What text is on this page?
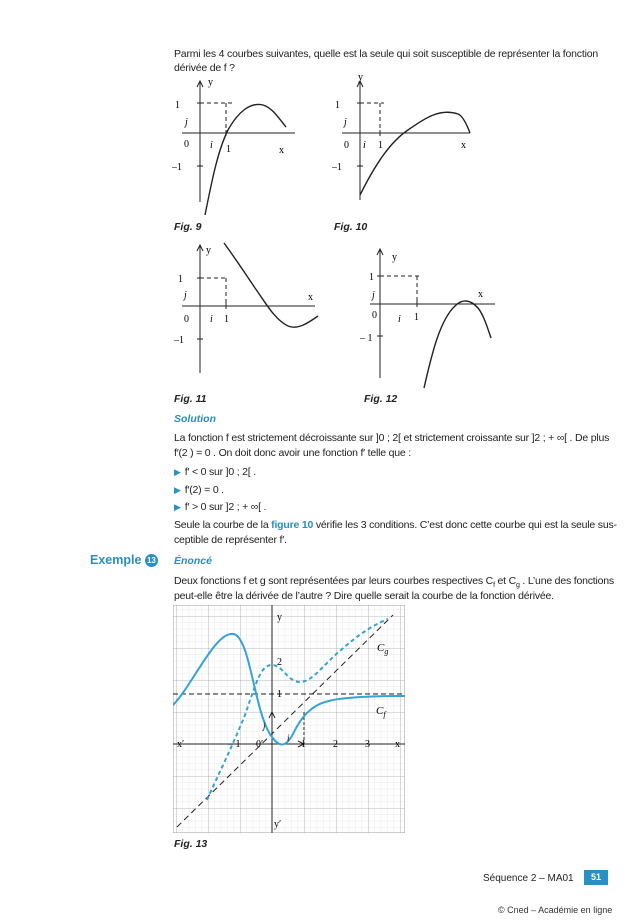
Parmi les 4 courbes suivantes, quelle est la seule qui soit susceptible de représenter la fonction dérivée de f ?
1
–1
0
y
x
j
i 1
Fig. 9
1
–1
0
y
x
j
i 1
Fig. 10
1
–1
0
y
x
j
i 1
Fig. 11
1
– 1
0
y
x
j
i 1
Fig. 12
Solution
La fonction f est strictement décroissante sur ]0 ; 2[ et strictement croissante sur ]2 ; + ∞[ . De plus
f′(2 ) = 0 . On doit donc avoir une fonction f′ telle que :
▶ f′ < 0 sur ]0 ; 2[ .
▶ f′(2) = 0 .
▶ f′ > 0 sur ]2 ; + ∞[ .
Seule la courbe de la figure 10 vérifie les 3 conditions. C’est donc cette courbe qui est la seule sus-
ceptible de représenter f′.
Exemple 13 Énoncé
Deux fonctions f et g sont représentées par leurs courbes respectives $C_f$ et $C_g$ . L’une des fonctions
peut-elle être la dérivée de l’autre ? Dire quelle serait la courbe de la fonction dérivée.
$C_g$
$C_f$
x
x′
y
y′
0′
– 1	1	2	3
1
2
i
j
Fig. 13
Séquence 2 – MA01	51
© Cned – Académie en ligne
